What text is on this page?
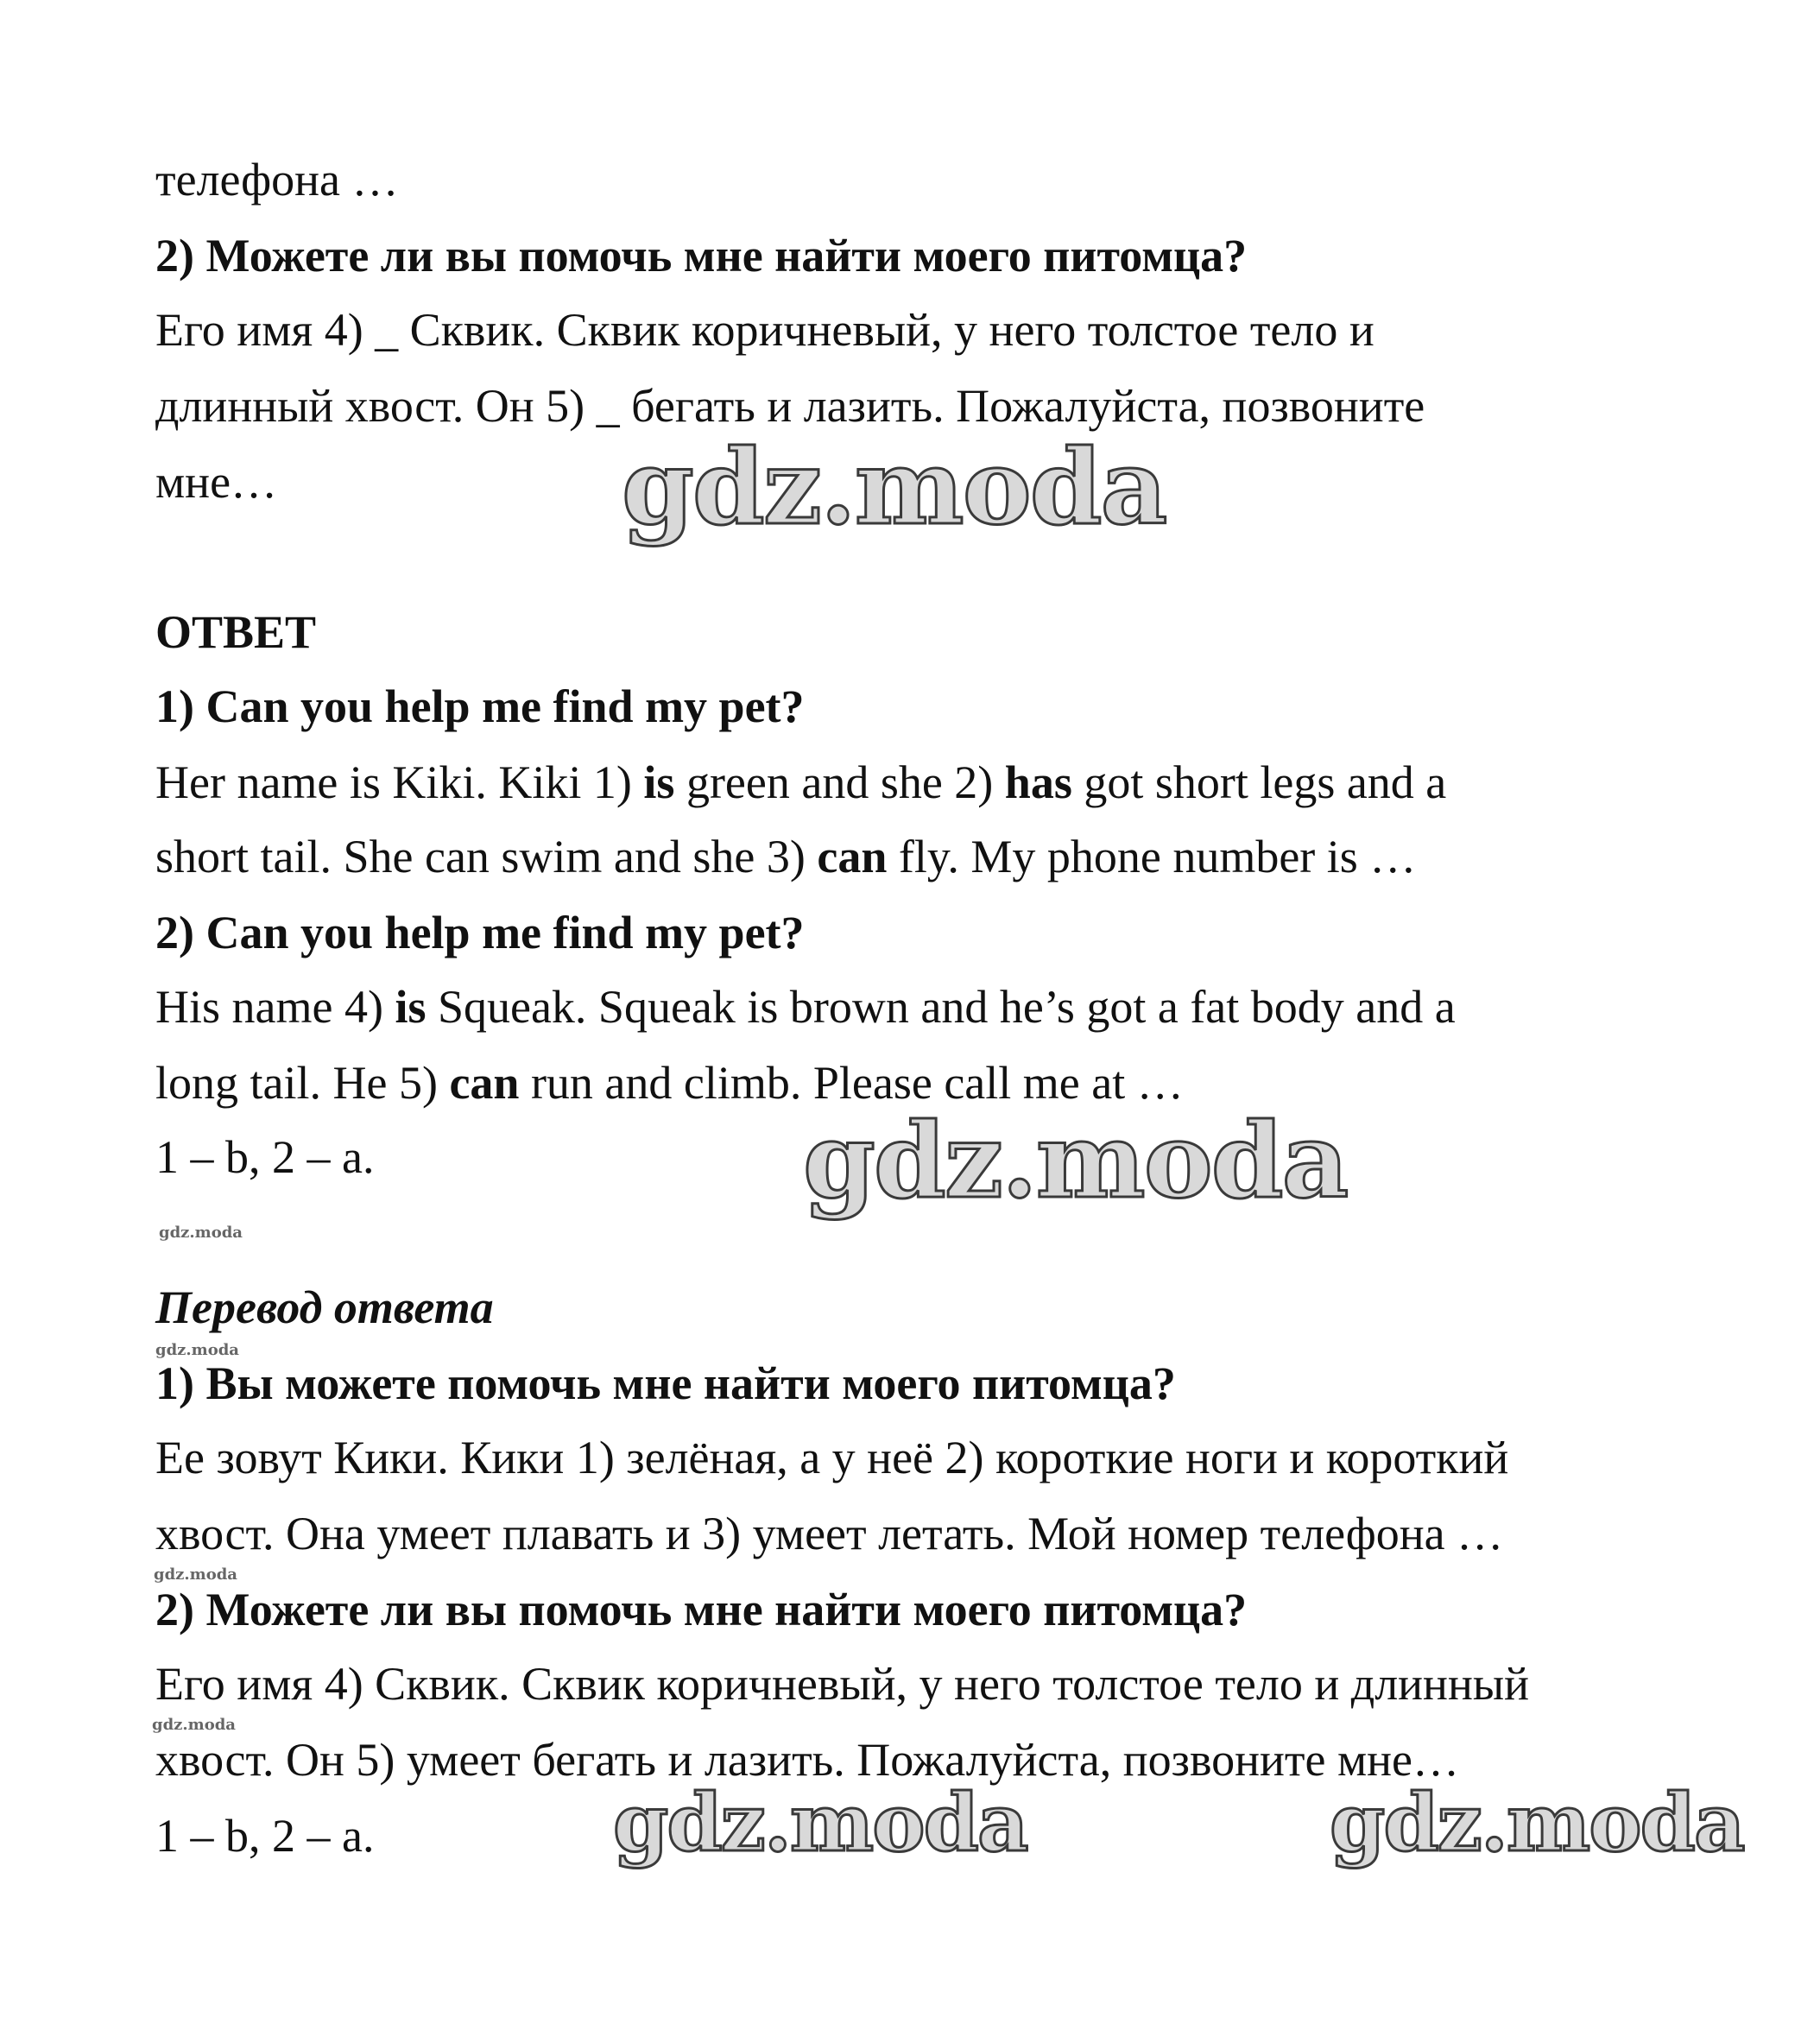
телефона …
2) Можете ли вы помочь мне найти моего питомца?
Его имя 4) _ Сквик. Сквик коричневый, у него толстое тело и
длинный хвост. Он 5) _ бегать и лазить. Пожалуйста, позвоните
мне…
ОТВЕТ
1) Can you help me find my pet?
Her name is Kiki. Kiki 1) is green and she 2) has got short legs and a
short tail. She can swim and she 3) can fly. My phone number is …
2) Can you help me find my pet?
His name 4) is Squeak. Squeak is brown and he’s got a fat body and a
long tail. He 5) can run and climb. Please call me at …
1 – b, 2 – a.
Перевод ответа
1) Вы можете помочь мне найти моего питомца?
Ее зовут Кики. Кики 1) зелёная, а у неё 2) короткие ноги и короткий
хвост. Она умеет плавать и 3) умеет летать. Мой номер телефона …
2) Можете ли вы помочь мне найти моего питомца?
Его имя 4) Сквик. Сквик коричневый, у него толстое тело и длинный
хвост. Он 5) умеет бегать и лазить. Пожалуйста, позвоните мне…
1 – b, 2 – a.
gdz.moda
gdz.moda
gdz.moda	gdz.moda
gdz.moda
gdz.moda
gdz.moda
gdz.moda
